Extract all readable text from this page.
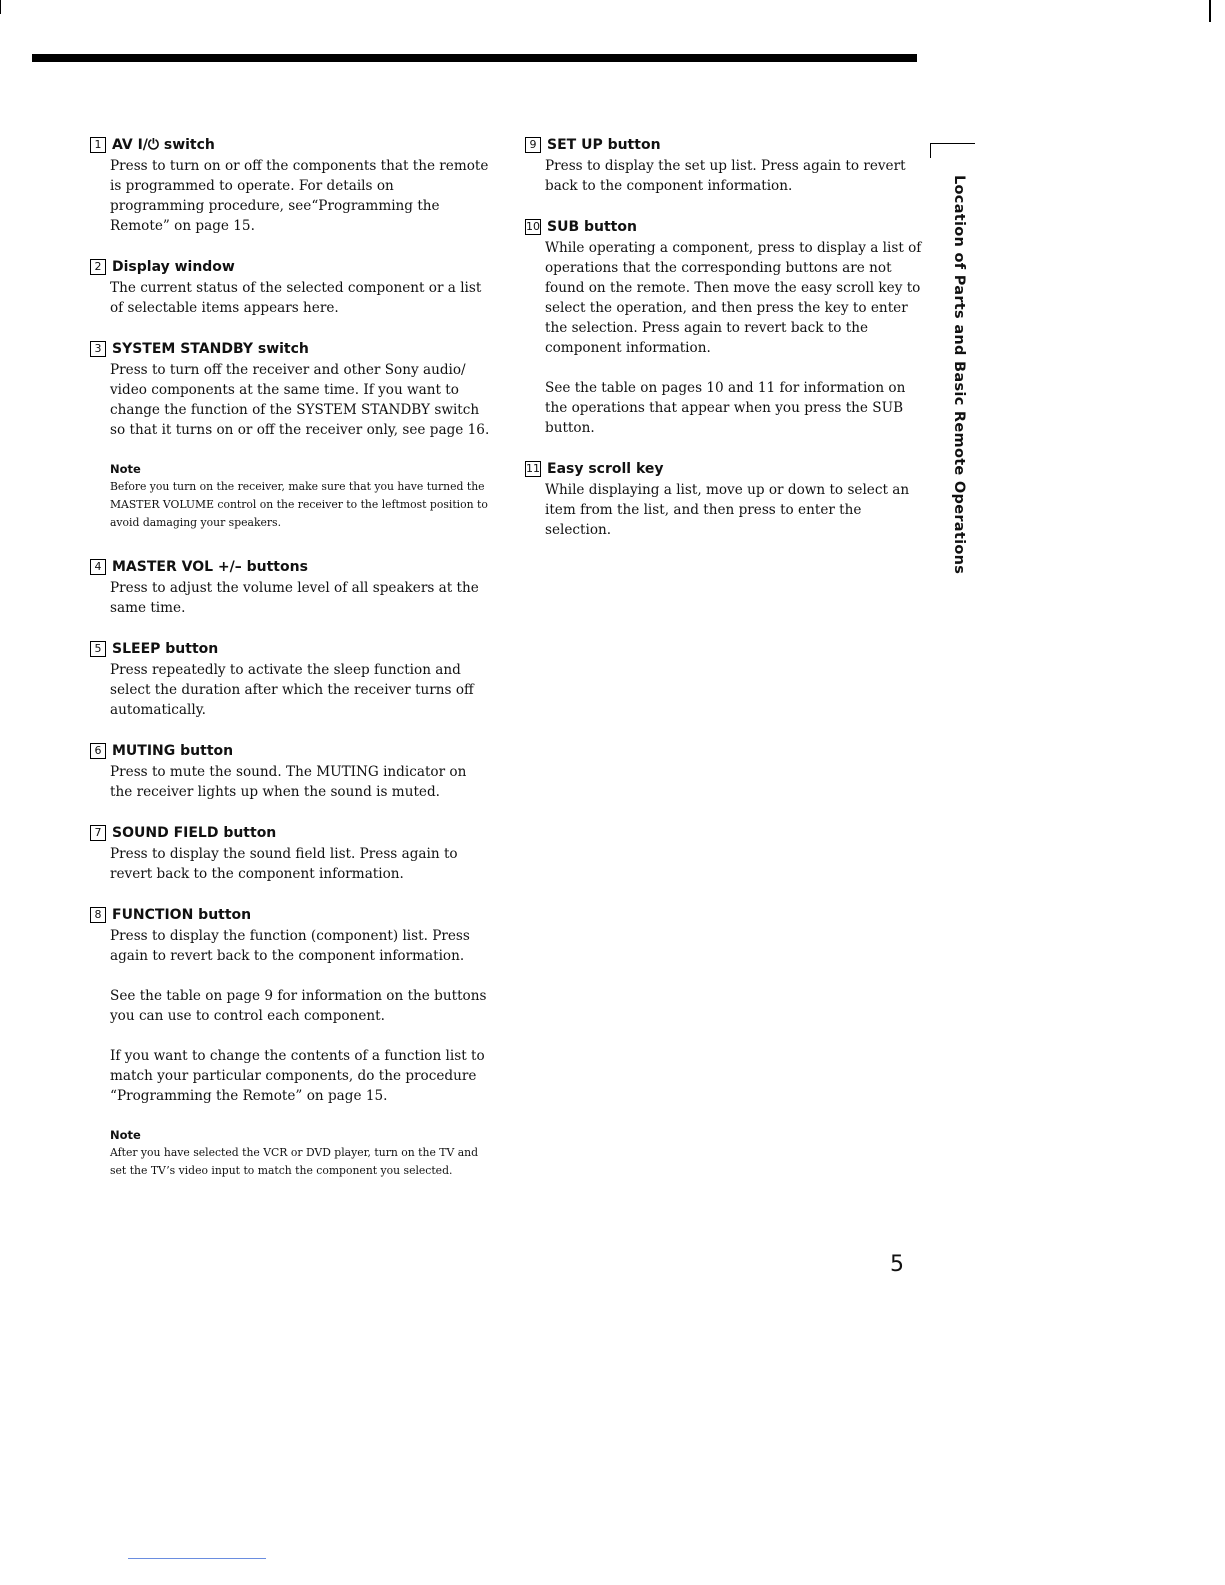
1 AV I/⏻ switch

Press to turn on or off the components that the remote is programmed to operate. For details on programming procedure, see“Programming the Remote” on page 15.

2 Display window

The current status of the selected component or a list of selectable items appears here.

3 SYSTEM STANDBY switch

Press to turn off the receiver and other Sony audio/ video components at the same time. If you want to change the function of the SYSTEM STANDBY switch so that it turns on or off the receiver only, see page 16.

Note
Before you turn on the receiver, make sure that you have turned the MASTER VOLUME control on the receiver to the leftmost position to avoid damaging your speakers.
4 MASTER VOL +/– buttons

Press to adjust the volume level of all speakers at the same time.

5 SLEEP button

Press repeatedly to activate the sleep function and select the duration after which the receiver turns off automatically.

6 MUTING button

Press to mute the sound. The MUTING indicator on the receiver lights up when the sound is muted.

7 SOUND FIELD button

Press to display the sound field list. Press again to revert back to the component information.

8 FUNCTION button

Press to display the function (component) list. Press again to revert back to the component information.

See the table on page 9 for information on the buttons you can use to control each component.
If you want to change the contents of a function list to match your particular components, do the procedure “Programming the Remote” on page 15.
Note
After you have selected the VCR or DVD player, turn on the TV and set the TV’s video input to match the component you selected.
9 SET UP button

Press to display the set up list. Press again to revert back to the component information.

10 SUB button

While operating a component, press to display a list of operations that the corresponding buttons are not found on the remote. Then move the easy scroll key to select the operation, and then press the key to enter the selection. Press again to revert back to the component information.

See the table on pages 10 and 11 for information on the operations that appear when you press the SUB button.

11 Easy scroll key

While displaying a list, move up or down to select an item from the list, and then press to enter the selection.	Location of Parts and Basic Remote Operations
5
